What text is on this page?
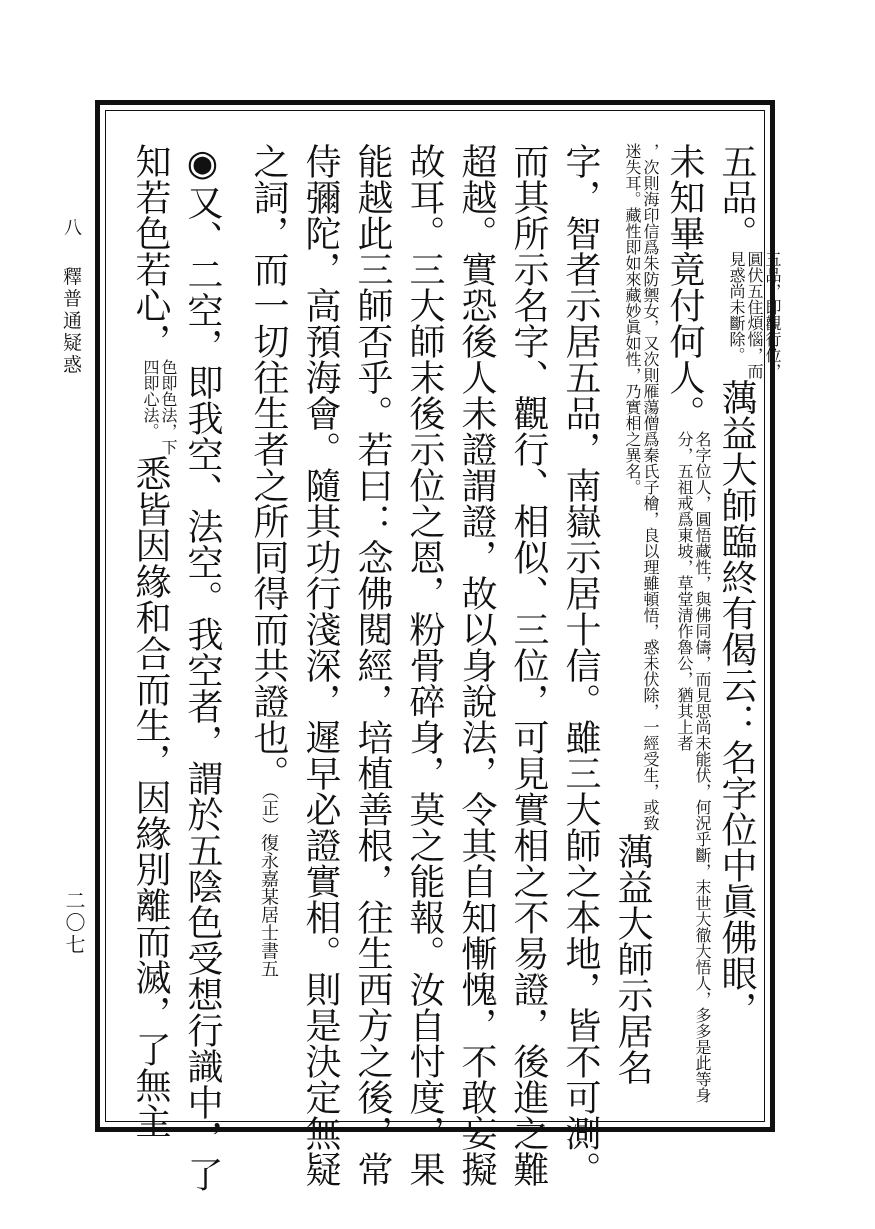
八 釋普通疑惑
二〇七
五品。五品，即觀行位，圓伏五住煩惱，而見惑尚未斷除。蕅益大師臨終有偈云：名字位中眞佛眼，
未知畢竟付何人。名字位人，圓悟藏性，與佛同儔，而見思尚未能伏，何況乎斷，末世大徹大悟人，多多是此等身分，五祖戒爲東坡，草堂清作魯公，猶其上者
，次則海印信爲朱防禦女，又次則雁蕩僧爲秦氏子檜，良以理雖頓悟，惑未伏除，一經受生，或致迷失耳。藏性即如來藏妙眞如性，乃實相之異名。蕅益大師示居名
字，智者示居五品，南嶽示居十信。雖三大師之本地，皆不可測。
而其所示名字、觀行、相似、三位，可見實相之不易證，後進之難
超越。實恐後人未證謂證，故以身說法，令其自知慚愧，不敢妄擬
故耳。三大師末後示位之恩，粉骨碎身，莫之能報。汝自忖度，果
能越此三師否乎。若曰：念佛閱經，培植善根，往生西方之後，常
侍彌陀，高預海會。隨其功行淺深，遲早必證實相。則是決定無疑
之詞，而一切往生者之所同得而共證也。（正）復永嘉某居士書五
◉又、二空，即我空、法空。我空者，謂於五陰色受想行識中，了
知若色若心，色即色法，下四即心法。悉皆因緣和合而生，因緣別離而滅，了無主
